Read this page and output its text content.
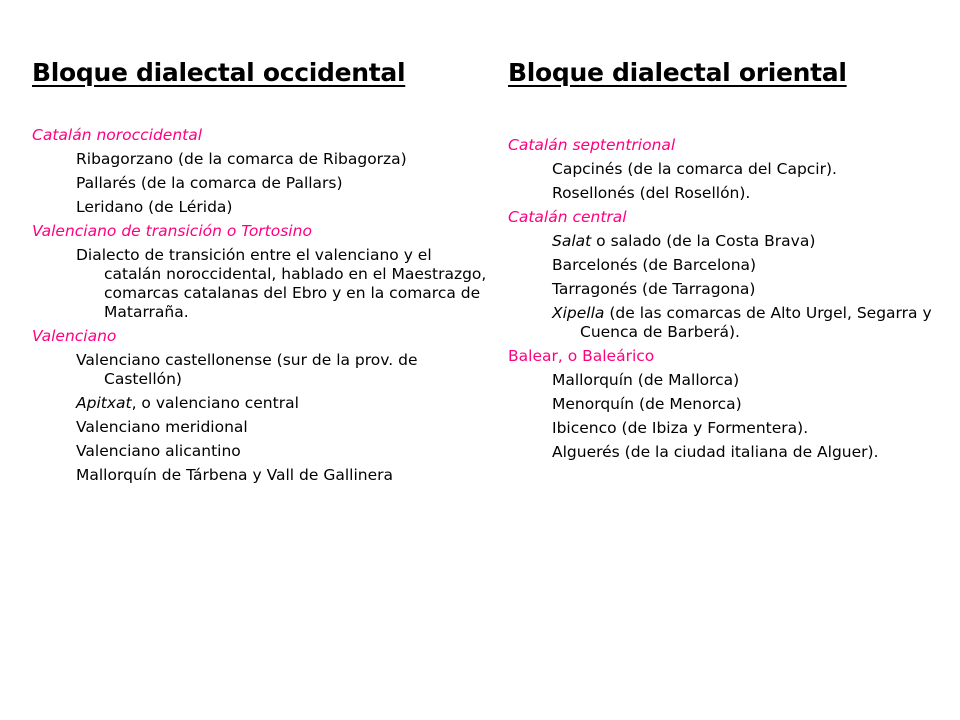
Bloque dialectal occidental
Catalán noroccidental
Ribagorzano (de la comarca de Ribagorza)
Pallarés (de la comarca de Pallars)
Leridano (de Lérida)
Valenciano de transición o Tortosino
Dialecto de transición entre el valenciano y el catalán noroccidental, hablado en el Maestrazgo, comarcas catalanas del Ebro y en la comarca de Matarraña.
Valenciano
Valenciano castellonense (sur de la prov. de Castellón)
Apitxat, o valenciano central
Valenciano meridional
Valenciano alicantino
Mallorquín de Tárbena y Vall de Gallinera
Bloque dialectal oriental
Catalán septentrional
Capcinés (de la comarca del Capcir).
Rosellonés (del Rosellón).
Catalán central
Salat o salado (de la Costa Brava)
Barcelonés (de Barcelona)
Tarragonés (de Tarragona)
Xipella (de las comarcas de Alto Urgel, Segarra y Cuenca de Barberá).
Balear, o Baleárico
Mallorquín (de Mallorca)
Menorquín (de Menorca)
Ibicenco (de Ibiza y Formentera).
Alguerés (de la ciudad italiana de Alguer).
